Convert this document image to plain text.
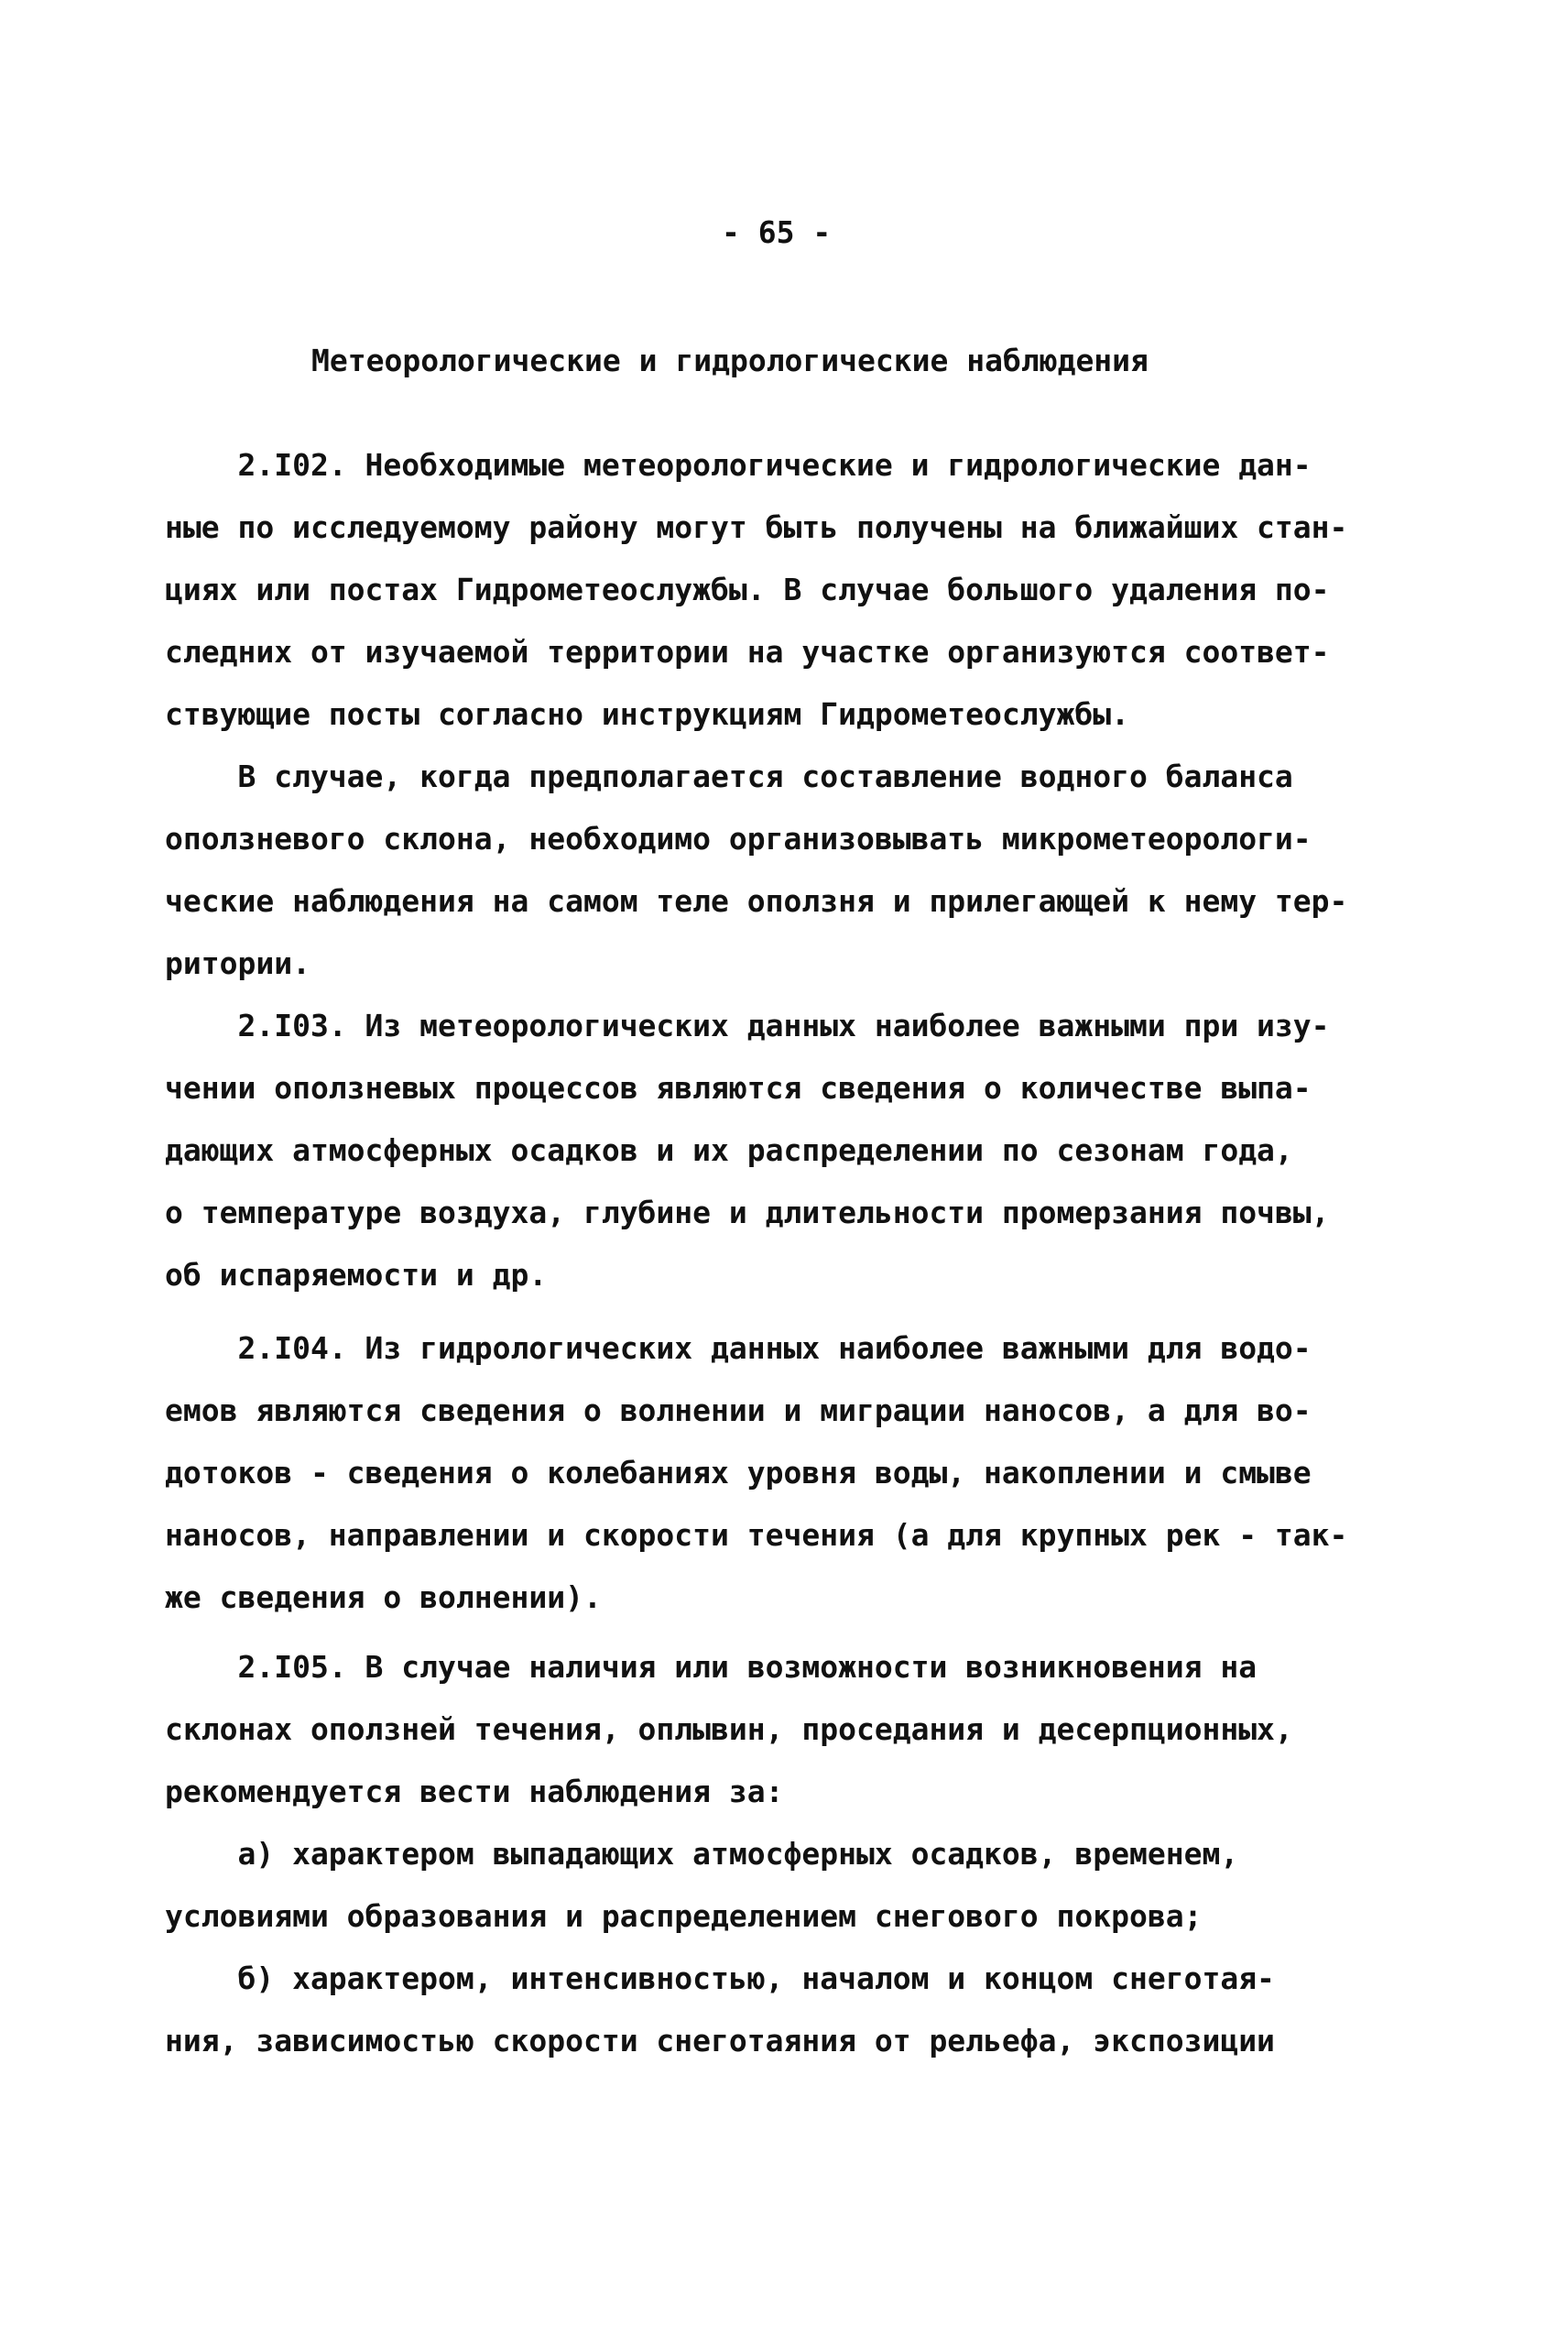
- 65 -
Метеорологические и гидрологические наблюдения
2.I02. Необходимые метеорологические и гидрологические дан-
ные по исследуемому району могут быть получены на ближайших стан-
циях или постах Гидрометеослужбы. В случае большого удаления по-
следних от изучаемой территории на участке организуются соответ-
ствующие посты согласно инструкциям Гидрометеослужбы.
В случае, когда предполагается составление водного баланса
оползневого склона, необходимо организовывать микрометеорологи-
ческие наблюдения на самом теле оползня и прилегающей к нему тер-
ритории.
2.I03. Из метеорологических данных наиболее важными при изу-
чении оползневых процессов являются сведения о количестве выпа-
дающих атмосферных осадков и их распределении по сезонам года,
о температуре воздуха, глубине и длительности промерзания почвы,
об испаряемости и др.
2.I04. Из гидрологических данных наиболее важными для водо-
емов являются сведения о волнении и миграции наносов, а для во-
дотоков - сведения о колебаниях уровня воды, накоплении и смыве
наносов, направлении и скорости течения (а для крупных рек - так-
же сведения о волнении).
2.I05. В случае наличия или возможности возникновения на
склонах оползней течения, оплывин, проседания и десерпционных,
рекомендуется вести наблюдения за:
а) характером выпадающих атмосферных осадков, временем,
условиями образования и распределением снегового покрова;
б) характером, интенсивностью, началом и концом снеготая-
ния, зависимостью скорости снеготаяния от рельефа, экспозиции
